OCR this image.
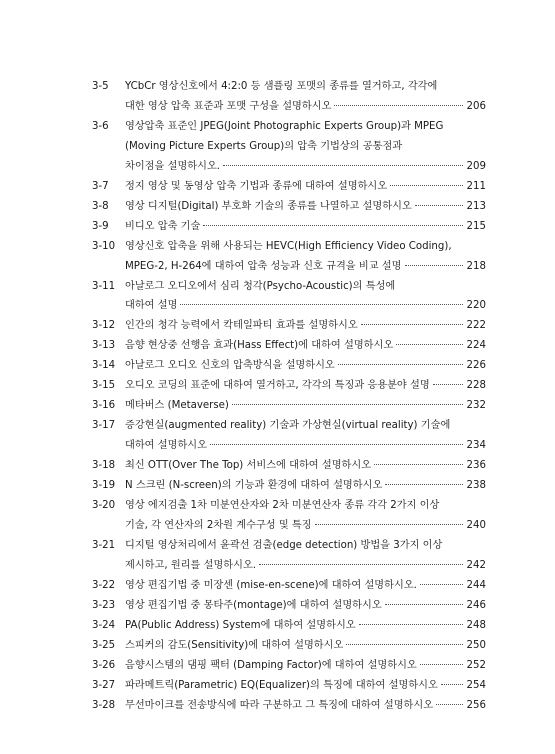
3-5	YCbCr 영상신호에서 4:2:0 등 샘플링 포맷의 종류를 열거하고, 각각에
대한 영상 압축 표준과 포맷 구성을 설명하시오	206
3-6	영상압축 표준인 JPEG(Joint Photographic Experts Group)과 MPEG
(Moving Picture Experts Group)의 압축 기법상의 공통점과
차이점을 설명하시오.	209
3-7	정지 영상 및 동영상 압축 기법과 종류에 대하여 설명하시오	211
3-8	영상 디지털(Digital) 부호화 기술의 종류를 나열하고 설명하시오	213
3-9	비디오 압축 기술	215
3-10 영상신호 압축을 위해 사용되는 HEVC(High Efficiency Video Coding),
MPEG-2, H-264에 대하여 압축 성능과 신호 규격을 비교 설명	218
3-11 아날로그 오디오에서 심리 청각(Psycho-Acoustic)의 특성에
대하여 설명	220
3-12 인간의 청각 능력에서 칵테일파티 효과를 설명하시오	222
3-13 음향 현상중 선행음 효과(Hass Effect)에 대하여 설명하시오	224
3-14 아날로그 오디오 신호의 압축방식을 설명하시오	226
3-15 오디오 코딩의 표준에 대하여 열거하고, 각각의 특징과 응용분야 설명	228
3-16 메타버스 (Metaverse)	232
3-17 증강현실(augmented reality) 기술과 가상현실(virtual reality) 기술에
대하여 설명하시오	234
3-18 최신 OTT(Over The Top) 서비스에 대하여 설명하시오	236
3-19 N 스크린 (N-screen)의 기능과 환경에 대하여 설명하시오	238
3-20 영상 에지검출 1차 미분연산자와 2차 미분연산자 종류 각각 2가지 이상
기술, 각 연산자의 2차원 계수구성 및 특징	240
3-21 디지털 영상처리에서 윤곽선 검출(edge detection) 방법을 3가지 이상
제시하고, 원리를 설명하시오.	242
3-22 영상 편집기법 중 미장센 (mise-en-scene)에 대하여 설명하시오.	244
3-23 영상 편집기법 중 몽타주(montage)에 대하여 설명하시오	246
3-24 PA(Public Address) System에 대하여 설명하시오	248
3-25 스피커의 감도(Sensitivity)에 대하여 설명하시오	250
3-26 음향시스템의 댐핑 팩터 (Damping Factor)에 대하여 설명하시오	252
3-27 파라메트릭(Parametric) EQ(Equalizer)의 특징에 대하여 설명하시오	254
3-28 무선마이크를 전송방식에 따라 구분하고 그 특징에 대하여 설명하시오	256
